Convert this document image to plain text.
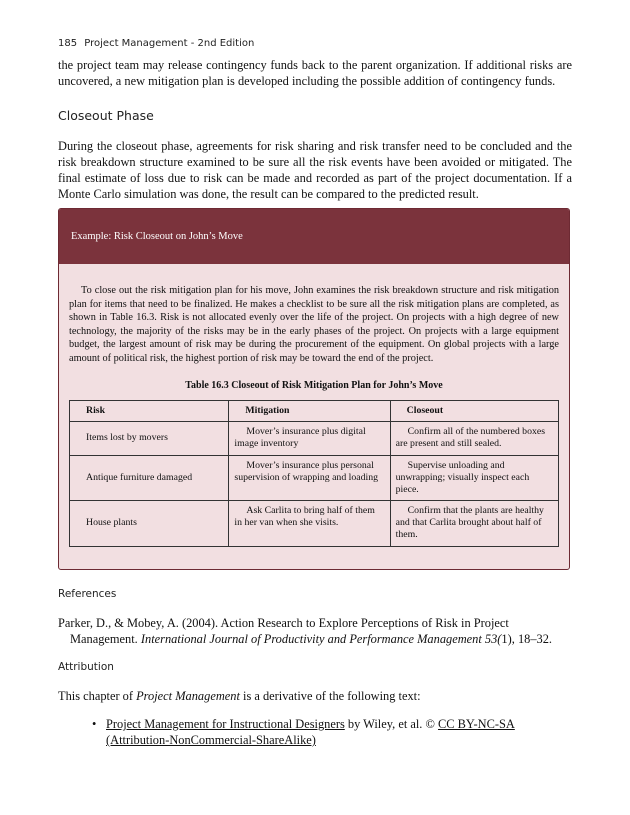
185 Project Management - 2nd Edition

the project team may release contingency funds back to the parent organization. If additional risks are uncovered, a new mitigation plan is developed including the possible addition of contingency funds.

Closeout Phase

During the closeout phase, agreements for risk sharing and risk transfer need to be concluded and the risk breakdown structure examined to be sure all the risk events have been avoided or mitigated. The final estimate of loss due to risk can be made and recorded as part of the project documentation. If a Monte Carlo simulation was done, the result can be compared to the predicted result.

Example: Risk Closeout on John’s Move
To close out the risk mitigation plan for his move, John examines the risk breakdown structure and risk mitigation plan for items that need to be finalized. He makes a checklist to be sure all the risk mitigation plans are completed, as shown in Table 16.3. Risk is not allocated evenly over the life of the project. On projects with a high degree of new technology, the majority of the risks may be in the early phases of the project. On projects with a large equipment budget, the largest amount of risk may be during the procurement of the equipment. On global projects with a large amount of political risk, the highest portion of risk may be toward the end of the project.
Table 16.3 Closeout of Risk Mitigation Plan for John’s Move
Risk	Mitigation	Closeout
Items lost by movers	Mover’s insurance plus digital image inventory	Confirm all of the numbered boxes are present and still sealed.

Antique furniture damaged	Mover’s insurance plus personal supervision of wrapping and loading	Supervise unloading and unwrapping; visually inspect each piece.

House plants	Ask Carlita to bring half of them in her van when she visits.	Confirm that the plants are healthy and that Carlita brought about half of them.
References
Parker, D., & Mobey, A. (2004). Action Research to Explore Perceptions of Risk in Project Management. International Journal of Productivity and Performance Management 53(1), 18–32.
Attribution

This chapter of Project Management is a derivative of the following text:

• Project Management for Instructional Designers by Wiley, et al. © CC BY-NC-SA (Attribution-NonCommercial-ShareAlike)
